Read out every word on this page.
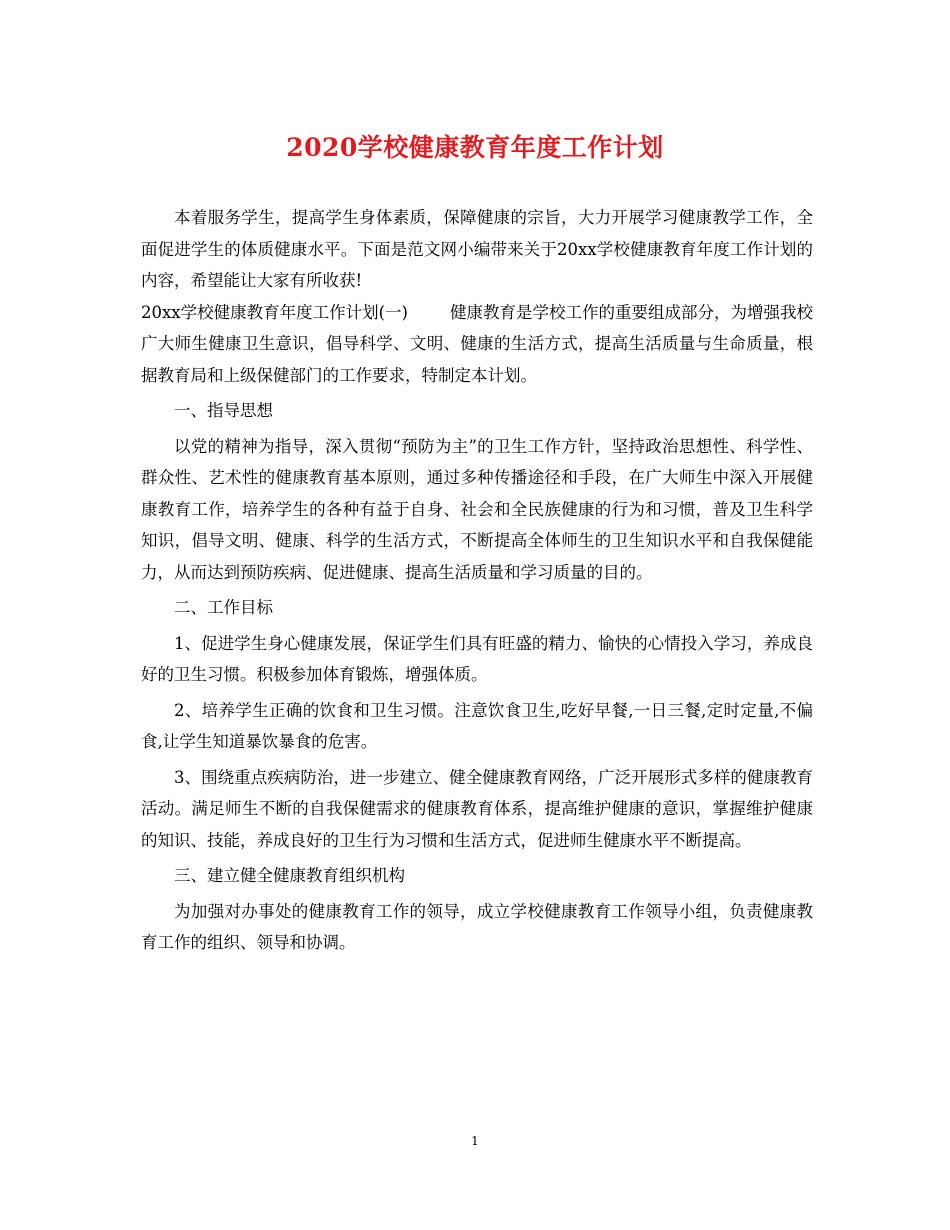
2020学校健康教育年度工作计划

本着服务学生，提高学生身体素质，保障健康的宗旨，大力开展学习健康教学工作，全面促进学生的体质健康水平。下面是范文网小编带来关于20xx学校健康教育年度工作计划的内容，希望能让大家有所收获!

20xx学校健康教育年度工作计划(一)	健康教育是学校工作的重要组成部分，为增强我校广大师生健康卫生意识，倡导科学、文明、健康的生活方式，提高生活质量与生命质量，根据教育局和上级保健部门的工作要求，特制定本计划。

一、指导思想

以党的精神为指导，深入贯彻“预防为主”的卫生工作方针，坚持政治思想性、科学性、群众性、艺术性的健康教育基本原则，通过多种传播途径和手段，在广大师生中深入开展健康教育工作，培养学生的各种有益于自身、社会和全民族健康的行为和习惯，普及卫生科学知识，倡导文明、健康、科学的生活方式，不断提高全体师生的卫生知识水平和自我保健能力，从而达到预防疾病、促进健康、提高生活质量和学习质量的目的。

二、工作目标

1、促进学生身心健康发展，保证学生们具有旺盛的精力、愉快的心情投入学习，养成良好的卫生习惯。积极参加体育锻炼，增强体质。

2、培养学生正确的饮食和卫生习惯。注意饮食卫生,吃好早餐,一日三餐,定时定量,不偏食,让学生知道暴饮暴食的危害。

3、围绕重点疾病防治，进一步建立、健全健康教育网络，广泛开展形式多样的健康教育活动。满足师生不断的自我保健需求的健康教育体系，提高维护健康的意识，掌握维护健康的知识、技能，养成良好的卫生行为习惯和生活方式，促进师生健康水平不断提高。

三、建立健全健康教育组织机构

为加强对办事处的健康教育工作的领导，成立学校健康教育工作领导小组，负责健康教育工作的组织、领导和协调。

1
